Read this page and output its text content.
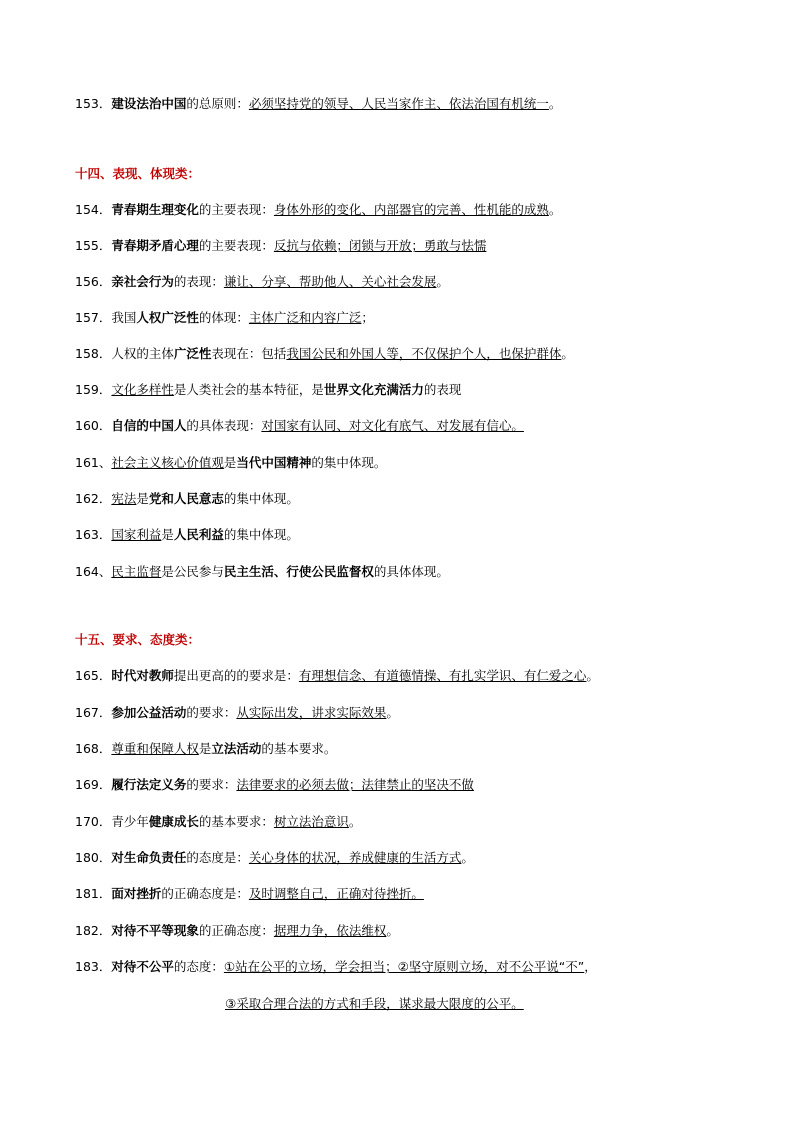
153．建设法治中国的总原则：必须坚持党的领导、人民当家作主、依法治国有机统一。
十四、表现、体现类：
154．青春期生理变化的主要表现：身体外形的变化、内部器官的完善、性机能的成熟。
155．青春期矛盾心理的主要表现：反抗与依赖；闭锁与开放；勇敢与怯懦
156．亲社会行为的表现：谦让、分享、帮助他人、关心社会发展。
157．我国人权广泛性的体现：主体广泛和内容广泛；
158．人权的主体广泛性表现在：包括我国公民和外国人等，不仅保护个人，也保护群体。
159．文化多样性是人类社会的基本特征，是世界文化充满活力的表现
160．自信的中国人的具体表现：对国家有认同、对文化有底气、对发展有信心。
161、社会主义核心价值观是当代中国精神的集中体现。
162．宪法是党和人民意志的集中体现。
163．国家利益是人民利益的集中体现。
164、民主监督是公民参与民主生活、行使公民监督权的具体体现。
十五、要求、态度类：
165．时代对教师提出更高的的要求是：有理想信念、有道德情操、有扎实学识、有仁爱之心。
167．参加公益活动的要求：从实际出发，讲求实际效果。
168．尊重和保障人权是立法活动的基本要求。
169．履行法定义务的要求：法律要求的必须去做；法律禁止的坚决不做
170．青少年健康成长的基本要求：树立法治意识。
180．对生命负责任的态度是：关心身体的状况，养成健康的生活方式。
181．面对挫折的正确态度是：及时调整自己，正确对待挫折。
182．对待不平等现象的正确态度：据理力争，依法维权。
183．对待不公平的态度：①站在公平的立场，学会担当；②坚守原则立场，对不公平说“不”，
③采取合理合法的方式和手段，谋求最大限度的公平。
